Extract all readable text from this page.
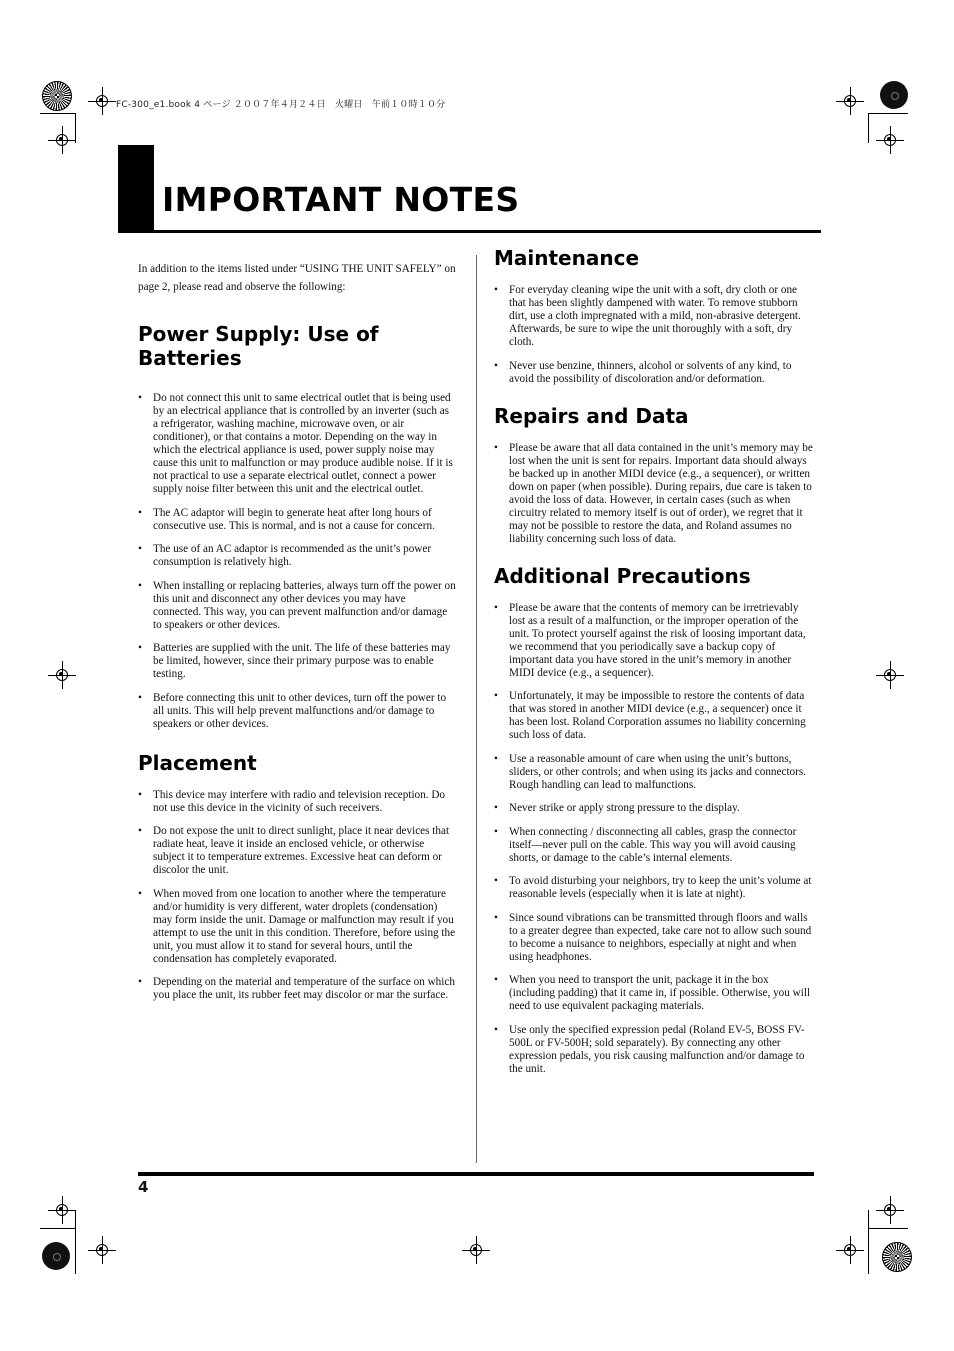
FC-300_e1.book 4 ページ ２００７年４月２４日　火曜日　午前１０時１０分
IMPORTANT NOTES

In addition to the items listed under “USING THE UNIT SAFELY” on page 2, please read and observe the following:

Power Supply: Use of Batteries
• Do not connect this unit to same electrical outlet that is being used by an electrical appliance that is controlled by an inverter (such as a refrigerator, washing machine, microwave oven, or air conditioner), or that contains a motor. Depending on the way in which the electrical appliance is used, power supply noise may cause this unit to malfunction or may produce audible noise. If it is not practical to use a separate electrical outlet, connect a power supply noise filter between this unit and the electrical outlet.
• The AC adaptor will begin to generate heat after long hours of consecutive use. This is normal, and is not a cause for concern.
• The use of an AC adaptor is recommended as the unit’s power consumption is relatively high.
• When installing or replacing batteries, always turn off the power on this unit and disconnect any other devices you may have connected. This way, you can prevent malfunction and/or damage to speakers or other devices.
• Batteries are supplied with the unit. The life of these batteries may be limited, however, since their primary purpose was to enable testing.
• Before connecting this unit to other devices, turn off the power to all units. This will help prevent malfunctions and/or damage to speakers or other devices.
Placement
• This device may interfere with radio and television reception. Do not use this device in the vicinity of such receivers.
• Do not expose the unit to direct sunlight, place it near devices that radiate heat, leave it inside an enclosed vehicle, or otherwise subject it to temperature extremes. Excessive heat can deform or discolor the unit.
• When moved from one location to another where the temperature and/or humidity is very different, water droplets (condensation) may form inside the unit. Damage or malfunction may result if you attempt to use the unit in this condition. Therefore, before using the unit, you must allow it to stand for several hours, until the condensation has completely evaporated.
• Depending on the material and temperature of the surface on which you place the unit, its rubber feet may discolor or mar the surface.
Maintenance
• For everyday cleaning wipe the unit with a soft, dry cloth or one that has been slightly dampened with water. To remove stubborn dirt, use a cloth impregnated with a mild, non-abrasive detergent. Afterwards, be sure to wipe the unit thoroughly with a soft, dry cloth.
• Never use benzine, thinners, alcohol or solvents of any kind, to avoid the possibility of discoloration and/or deformation.
Repairs and Data
• Please be aware that all data contained in the unit’s memory may be lost when the unit is sent for repairs. Important data should always be backed up in another MIDI device (e.g., a sequencer), or written down on paper (when possible). During repairs, due care is taken to avoid the loss of data. However, in certain cases (such as when circuitry related to memory itself is out of order), we regret that it may not be possible to restore the data, and Roland assumes no liability concerning such loss of data.
Additional Precautions
• Please be aware that the contents of memory can be irretrievably lost as a result of a malfunction, or the improper operation of the unit. To protect yourself against the risk of loosing important data, we recommend that you periodically save a backup copy of important data you have stored in the unit’s memory in another MIDI device (e.g., a sequencer).
• Unfortunately, it may be impossible to restore the contents of data that was stored in another MIDI device (e.g., a sequencer) once it has been lost. Roland Corporation assumes no liability concerning such loss of data.
• Use a reasonable amount of care when using the unit’s buttons, sliders, or other controls; and when using its jacks and connectors. Rough handling can lead to malfunctions.
• Never strike or apply strong pressure to the display.
• When connecting / disconnecting all cables, grasp the connector itself—never pull on the cable. This way you will avoid causing shorts, or damage to the cable’s internal elements.
• To avoid disturbing your neighbors, try to keep the unit’s volume at reasonable levels (especially when it is late at night).
• Since sound vibrations can be transmitted through floors and walls to a greater degree than expected, take care not to allow such sound to become a nuisance to neighbors, especially at night and when using headphones.
• When you need to transport the unit, package it in the box (including padding) that it came in, if possible. Otherwise, you will need to use equivalent packaging materials.
• Use only the specified expression pedal (Roland EV-5, BOSS FV-500L or FV-500H; sold separately). By connecting any other expression pedals, you risk causing malfunction and/or damage to the unit.
4
